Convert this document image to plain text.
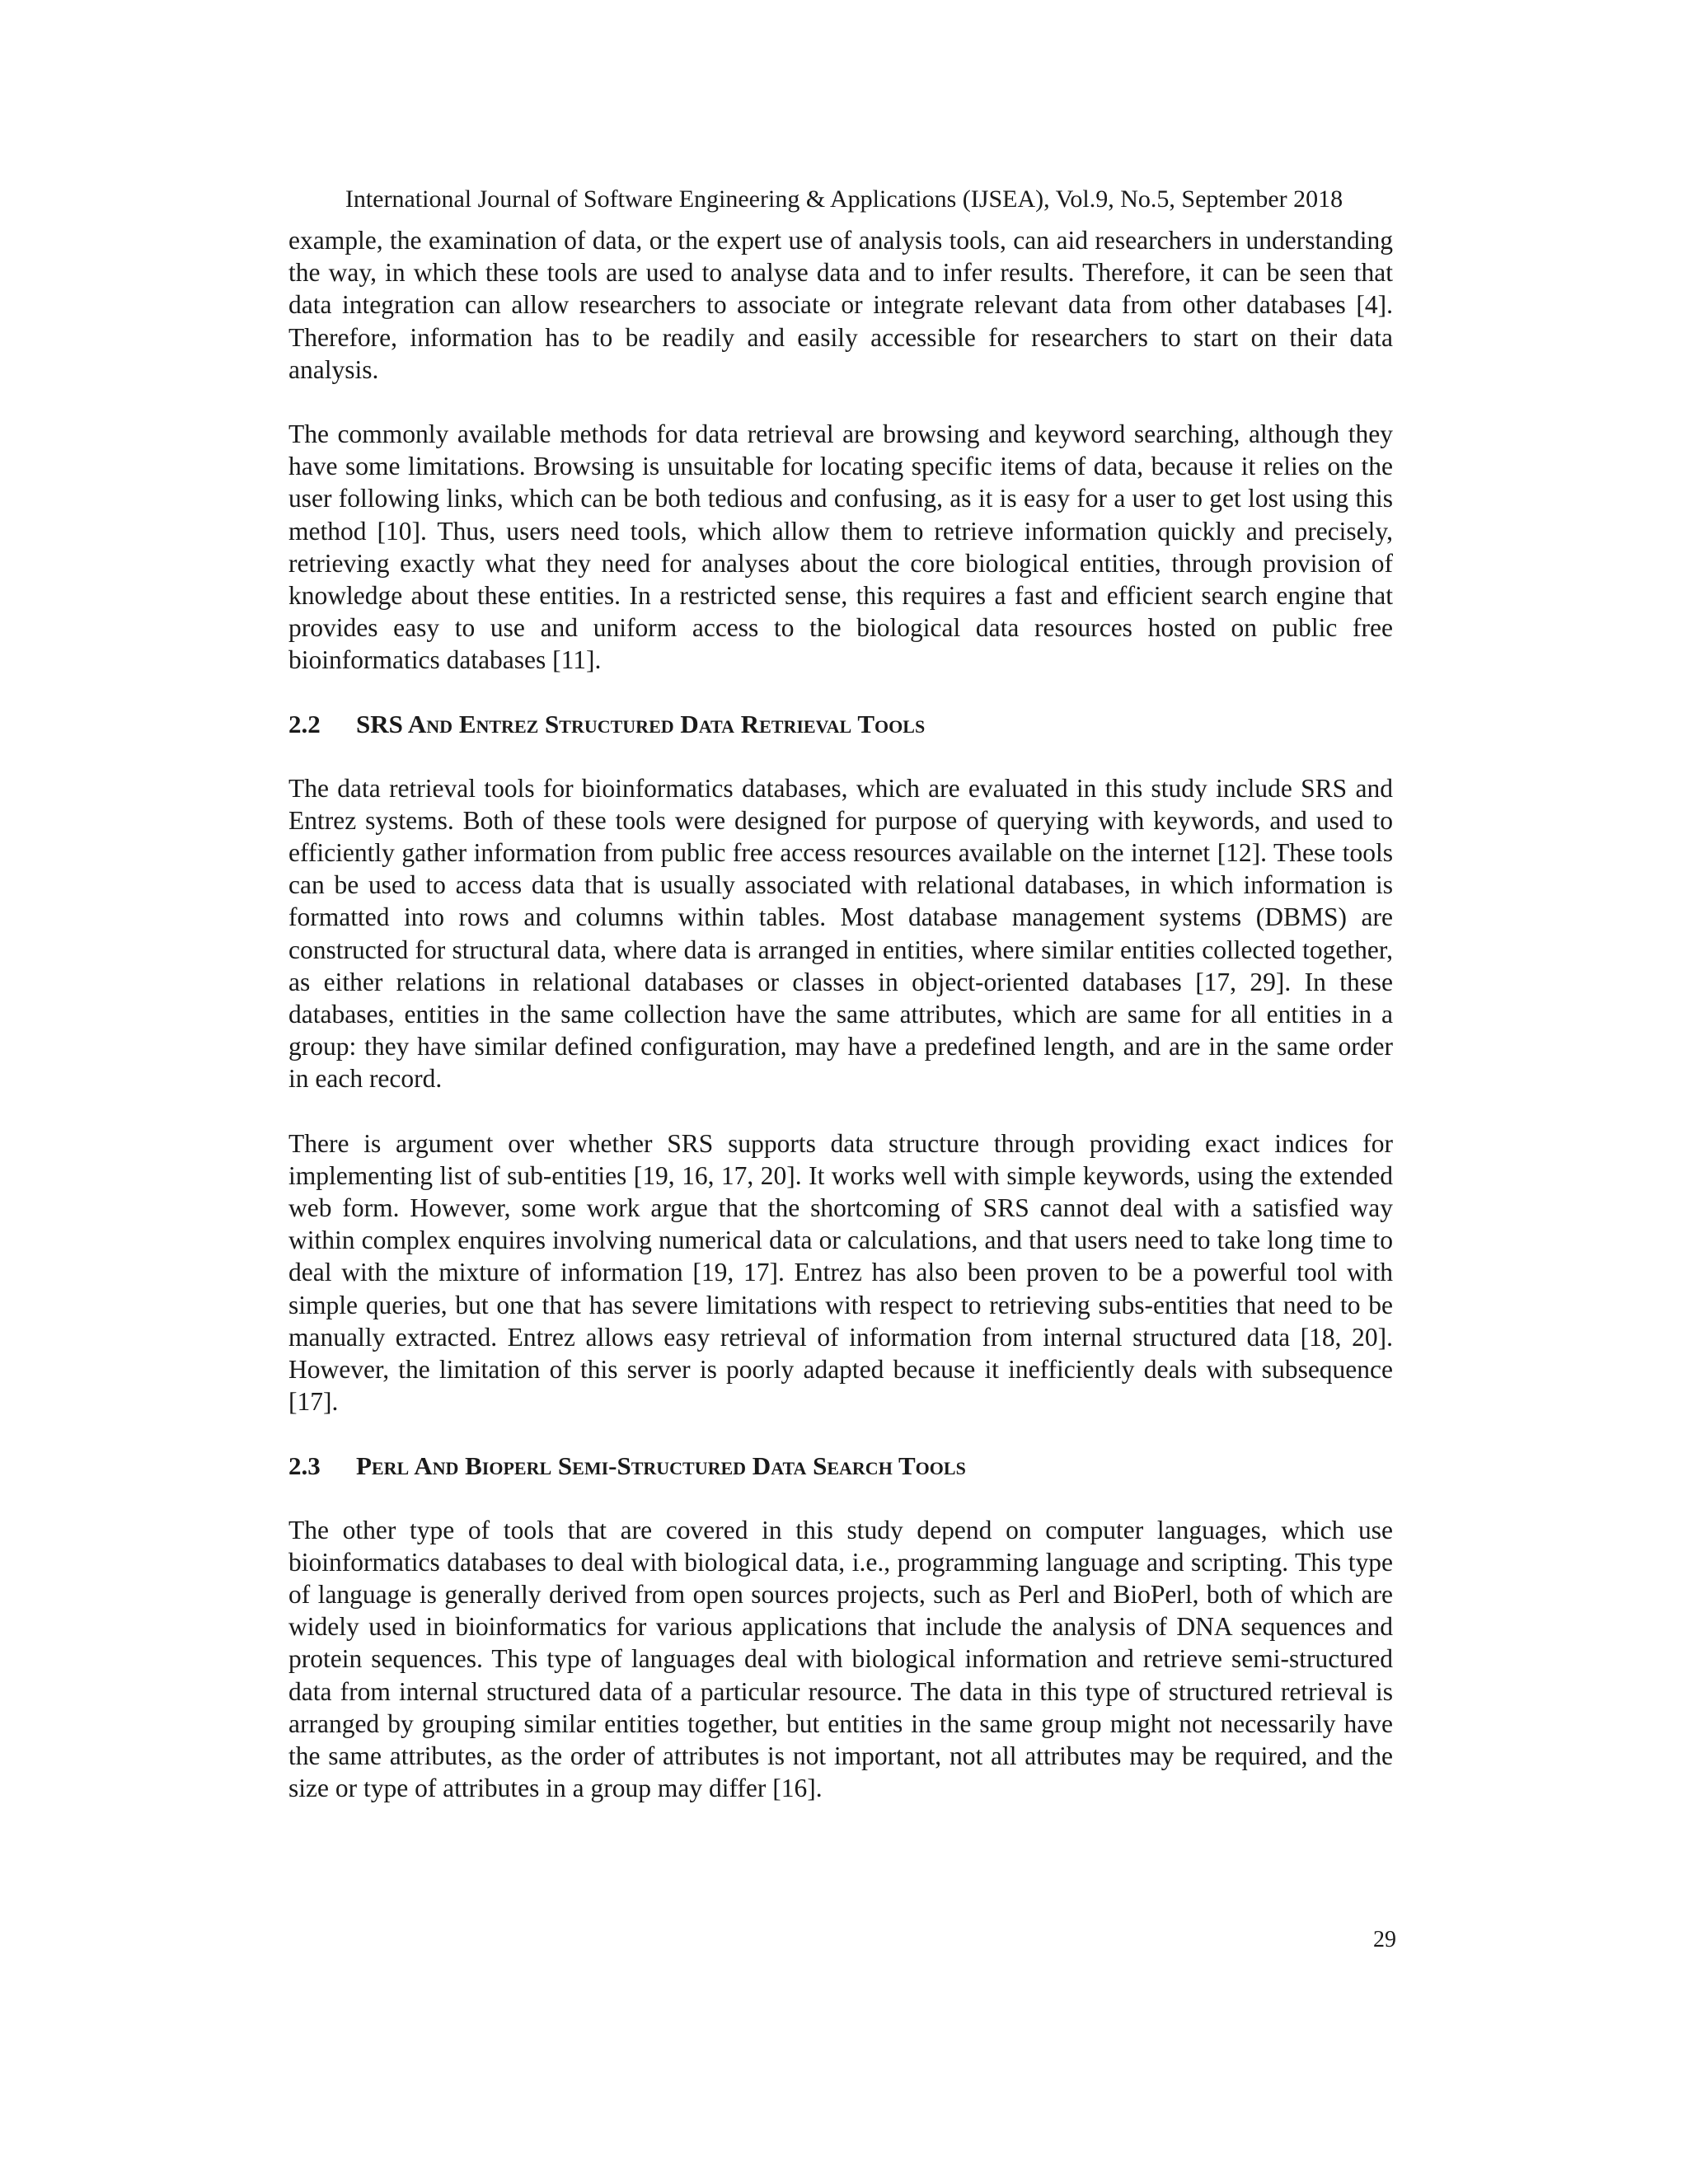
International Journal of Software Engineering & Applications (IJSEA), Vol.9, No.5, September 2018

example, the examination of data, or the expert use of analysis tools, can aid researchers in understanding the way, in which these tools are used to analyse data and to infer results. Therefore, it can be seen that data integration can allow researchers to associate or integrate relevant data from other databases [4]. Therefore, information has to be readily and easily accessible for researchers to start on their data analysis.

The commonly available methods for data retrieval are browsing and keyword searching, although they have some limitations. Browsing is unsuitable for locating specific items of data, because it relies on the user following links, which can be both tedious and confusing, as it is easy for a user to get lost using this method [10]. Thus, users need tools, which allow them to retrieve information quickly and precisely, retrieving exactly what they need for analyses about the core biological entities, through provision of knowledge about these entities. In a restricted sense, this requires a fast and efficient search engine that provides easy to use and uniform access to the biological data resources hosted on public free bioinformatics databases [11].

2.2 SRS And Entrez Structured Data Retrieval Tools

The data retrieval tools for bioinformatics databases, which are evaluated in this study include SRS and Entrez systems. Both of these tools were designed for purpose of querying with keywords, and used to efficiently gather information from public free access resources available on the internet [12]. These tools can be used to access data that is usually associated with relational databases, in which information is formatted into rows and columns within tables. Most database management systems (DBMS) are constructed for structural data, where data is arranged in entities, where similar entities collected together, as either relations in relational databases or classes in object-oriented databases [17, 29]. In these databases, entities in the same collection have the same attributes, which are same for all entities in a group: they have similar defined configuration, may have a predefined length, and are in the same order in each record.

There is argument over whether SRS supports data structure through providing exact indices for implementing list of sub-entities [19, 16, 17, 20]. It works well with simple keywords, using the extended web form. However, some work argue that the shortcoming of SRS cannot deal with a satisfied way within complex enquires involving numerical data or calculations, and that users need to take long time to deal with the mixture of information [19, 17]. Entrez has also been proven to be a powerful tool with simple queries, but one that has severe limitations with respect to retrieving subs-entities that need to be manually extracted. Entrez allows easy retrieval of information from internal structured data [18, 20]. However, the limitation of this server is poorly adapted because it inefficiently deals with subsequence [17].

2.3 Perl And Bioperl Semi-Structured Data Search Tools

The other type of tools that are covered in this study depend on computer languages, which use bioinformatics databases to deal with biological data, i.e., programming language and scripting. This type of language is generally derived from open sources projects, such as Perl and BioPerl, both of which are widely used in bioinformatics for various applications that include the analysis of DNA sequences and protein sequences. This type of languages deal with biological information and retrieve semi-structured data from internal structured data of a particular resource. The data in this type of structured retrieval is arranged by grouping similar entities together, but entities in the same group might not necessarily have the same attributes, as the order of attributes is not important, not all attributes may be required, and the size or type of attributes in a group may differ [16].

29
